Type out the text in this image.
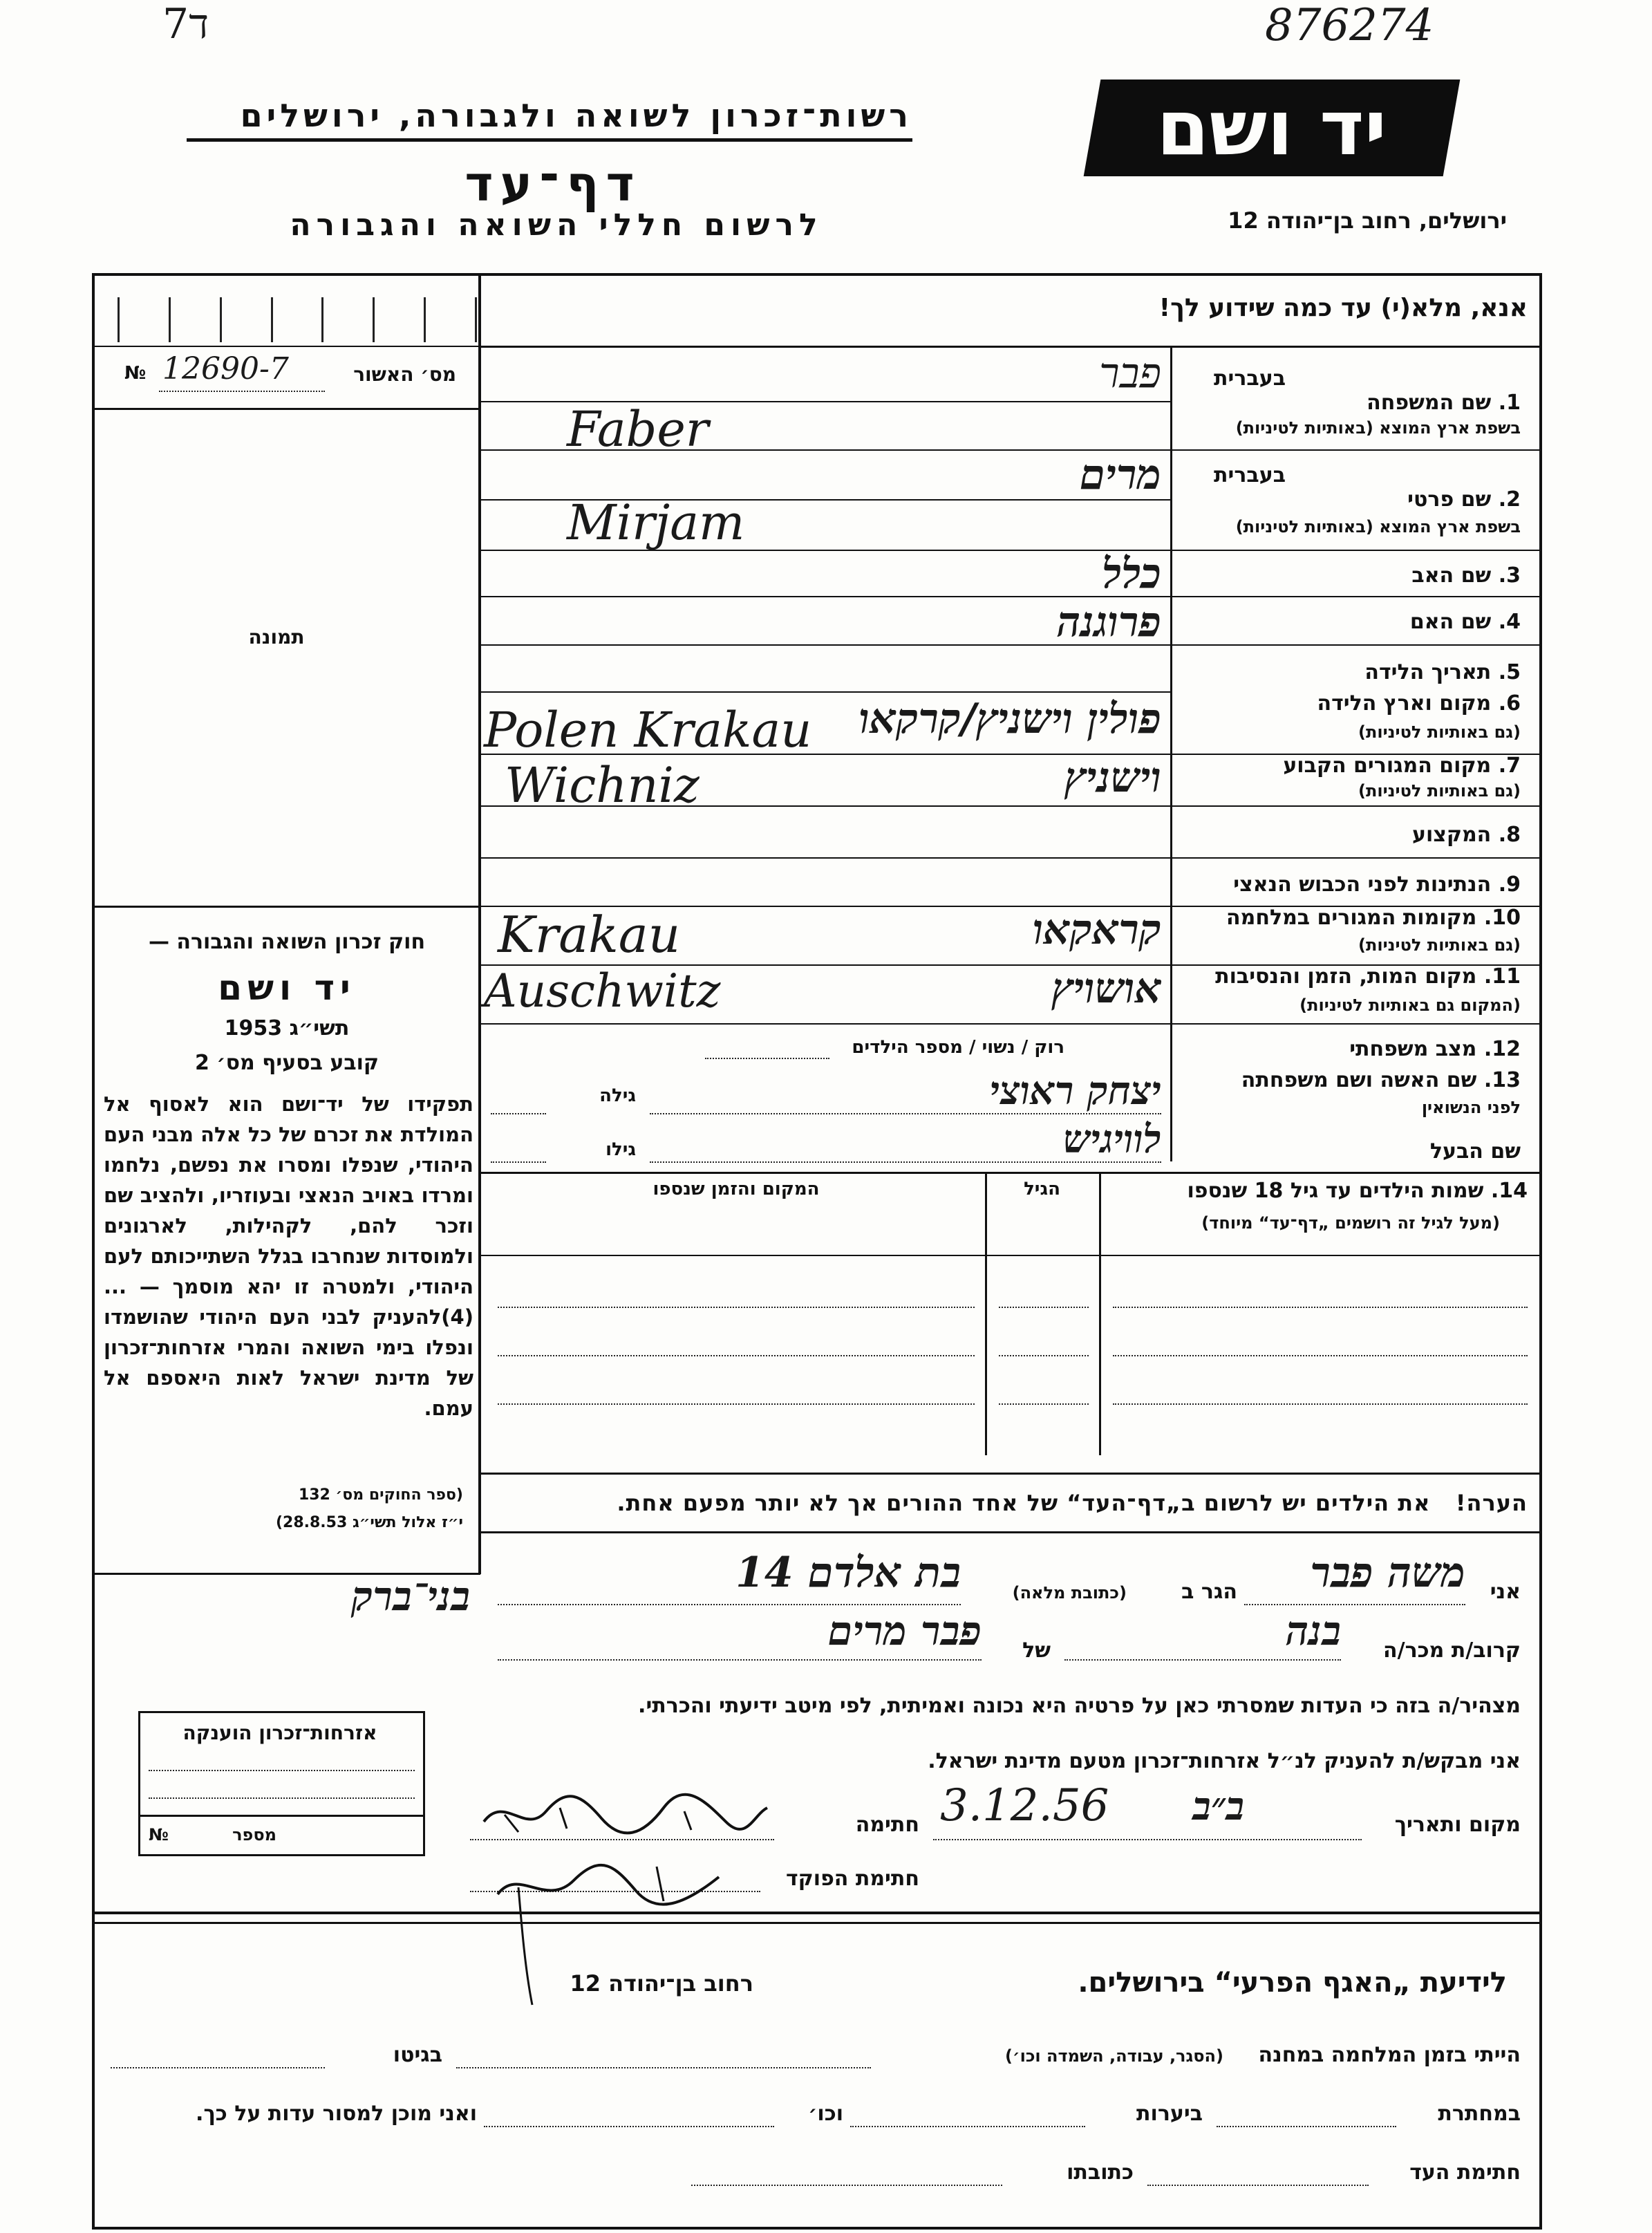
ד7	876274
רשות־זכרון לשואה ולגבורה, ירושלים
דף־עד
לרשום חללי השואה והגבורה
יד ושם
ירושלים, רחוב בן־יהודה 12
אנא, מלא(י) עד כמה שידוע לך!
№ 12690-7	מס׳ האשור
תמונה
חוק זכרון השואה והגבורה —
יד ושם
תשי״ג 1953
קובע בסעיף מס׳ 2
תפקידו של יד־ושם הוא לאסוף אל המולדת את זכרם של כל אלה מבני העם היהודי, שנפלו ומסרו את נפשם, נלחמו ומרדו באויב הנאצי ובעוזריו, ולהציב שם וזכר להם, לקהילות, לארגונים ולמוסדות שנחרבו בגלל השתייכותם לעם היהודי, ולמטרה זו יהא מוסמך — ...(4)להעניק לבני העם היהודי שהושמדו ונפלו בימי השואה והמרי אזרחות־זכרון של מדינת ישראל לאות היאספם אל עמם.
(ספר החוקים מס׳ 132
י״ז אלול תשי״ג 28.8.53)
בעברית
1. שם המשפחה
בשפת ארץ המוצא (באותיות לטיניות)
פבר
Faber
בעברית
2. שם פרטי
בשפת ארץ המוצא (באותיות לטיניות)
מרים
Mirjam
3. שם האב
כלל
4. שם האם
פרוגנה
5. תאריך הלידה
6. מקום וארץ הלידה
(גם באותיות לטיניות)
פולין וישניץ/קרקאו
Polen Krakau
7. מקום המגורים הקבוע
(גם באותיות לטיניות)
וישניץ
Wichniz
8. המקצוע
9. הנתינות לפני הכבוש הנאצי
10. מקומות המגורים במלחמה
(גם באותיות לטיניות)
קראקאו
Krakau
11. מקום המות, הזמן והנסיבות
(המקום גם באותיות לטיניות)
אושויץ
Auschwitz
12. מצב משפחתי
רוק / נשוי / מספר הילדים
13. שם האשה ושם משפחתה
לפני הנשואין
גילה	יצחק ראוצי
שם הבעל
גילו	לוויגיש
14. שמות הילדים עד גיל 18 שנספו
(מעל לגיל זה רושמים „דף־עד“ מיוחד)
הגיל
המקום והזמן שנספו
הערה!   את הילדים יש לרשום ב„דף־העד“ של אחד ההורים אך לא יותר מפעם אחת.
אני
משה פבר
הגר ב
(כתובת מלאה)
בת אלדם 14
בני־ברק
קרוב/ת מכר/ה
בנה
של
פבר מרים
מצהיר/ה בזה כי העדות שמסרתי כאן על פרטיה היא נכונה ואמיתית, לפי מיטב ידיעתי והכרתי.
אזרחות־זכרון הוענקה
מספר
№
אני מבקש/ת להעניק לנ״ל אזרחות־זכרון מטעם מדינת ישראל.
מקום ותאריך
ב״ב
3.12.56
חתימה
חתימת הפוקד
לידיעת „האגף הפרעי“ בירושלים.
רחוב בן־יהודה 12
הייתי בזמן המלחמה במחנה
(הסגר, עבודה, השמדה וכו׳)
בגיטו
במחתרת
ביערות
וכו׳
ואני מוכן למסור עדות על כך.
חתימת העד
כתובתו
